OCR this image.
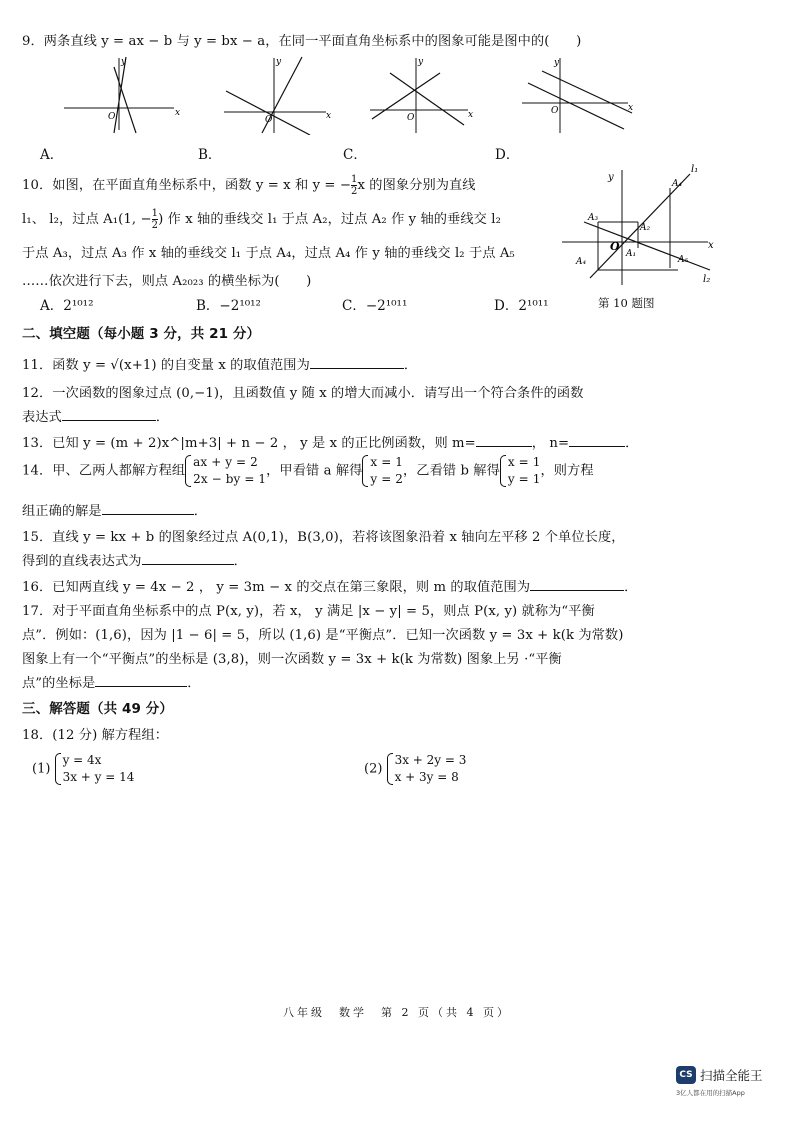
9．两条直线 y = ax − b 与 y = bx − a，在同一平面直角坐标系中的图象可能是图中的(　　)
x
y
O	x
y
O	x
y
O
x
y
O
A．	B．	C．	D．
10．如图，在平面直角坐标系中，函数 y = x 和 y = − $\frac{1}{2}$ x 的图象分别为直线
l₁、 l₂，过点 A₁(1, − $\frac{1}{2}$ ) 作 x 轴的垂线交 l₁ 于点 A₂，过点 A₂ 作 y 轴的垂线交 l₂
于点 A₃，过点 A₃ 作 x 轴的垂线交 l₁ 于点 A₄，过点 A₄ 作 y 轴的垂线交 l₂ 于点 A₅
……依次进行下去，则点 A₂₀₂₃ 的横坐标为(　　)
A．2¹⁰¹²	B．−2¹⁰¹²	C．−2¹⁰¹¹	D．2¹⁰¹¹	第 10 题图
l₁
l₂
x
y
A₁
A₂
A₃
A₄	A₅
A₄
O
二、填空题（每小题 3 分，共 21 分）
11．函数 y = √(x+1) 的自变量 x 的取值范围为	．
12．一次函数的图象过点 (0,−1)，且函数值 y 随 x 的增大而减小．请写出一个符合条件的函数
表达式	．
13．已知 y = (m + 2)x^|m+3| + n − 2 ， y 是 x 的正比例函数，则 m=	， n=	．
14．甲、乙两人都解方程组
ax + y = 2
2x − by = 1
，甲看错 a 解得
x = 1
y = 2
，乙看错 b 解得
x = 1
y = 1
，则方程
组正确的解是	．
15．直线 y = kx + b 的图象经过点 A(0,1)，B(3,0)，若将该图象沿着 x 轴向左平移 2 个单位长度，
得到的直线表达式为	．
16．已知两直线 y = 4x − 2 ， y = 3m − x 的交点在第三象限，则 m 的取值范围为	．
17．对于平面直角坐标系中的点 P(x, y)，若 x， y 满足 |x − y| = 5，则点 P(x, y) 就称为“平衡
点”．例如：(1,6)，因为 |1 − 6| = 5，所以 (1,6) 是“平衡点”．已知一次函数 y = 3x + k(k 为常数)
图象上有一个“平衡点”的坐标是 (3,8)，则一次函数 y = 3x + k(k 为常数) 图象上另 ·“平衡
点”的坐标是	．
三、解答题（共 49 分）
18．(12 分) 解方程组：
(1)
y = 4x
3x + y = 14
(2)
3x + 2y = 3
x + 3y = 8
八年级　数学　第 2 页（共 4 页）
CS 扫描全能王
3亿人都在用的扫描App
